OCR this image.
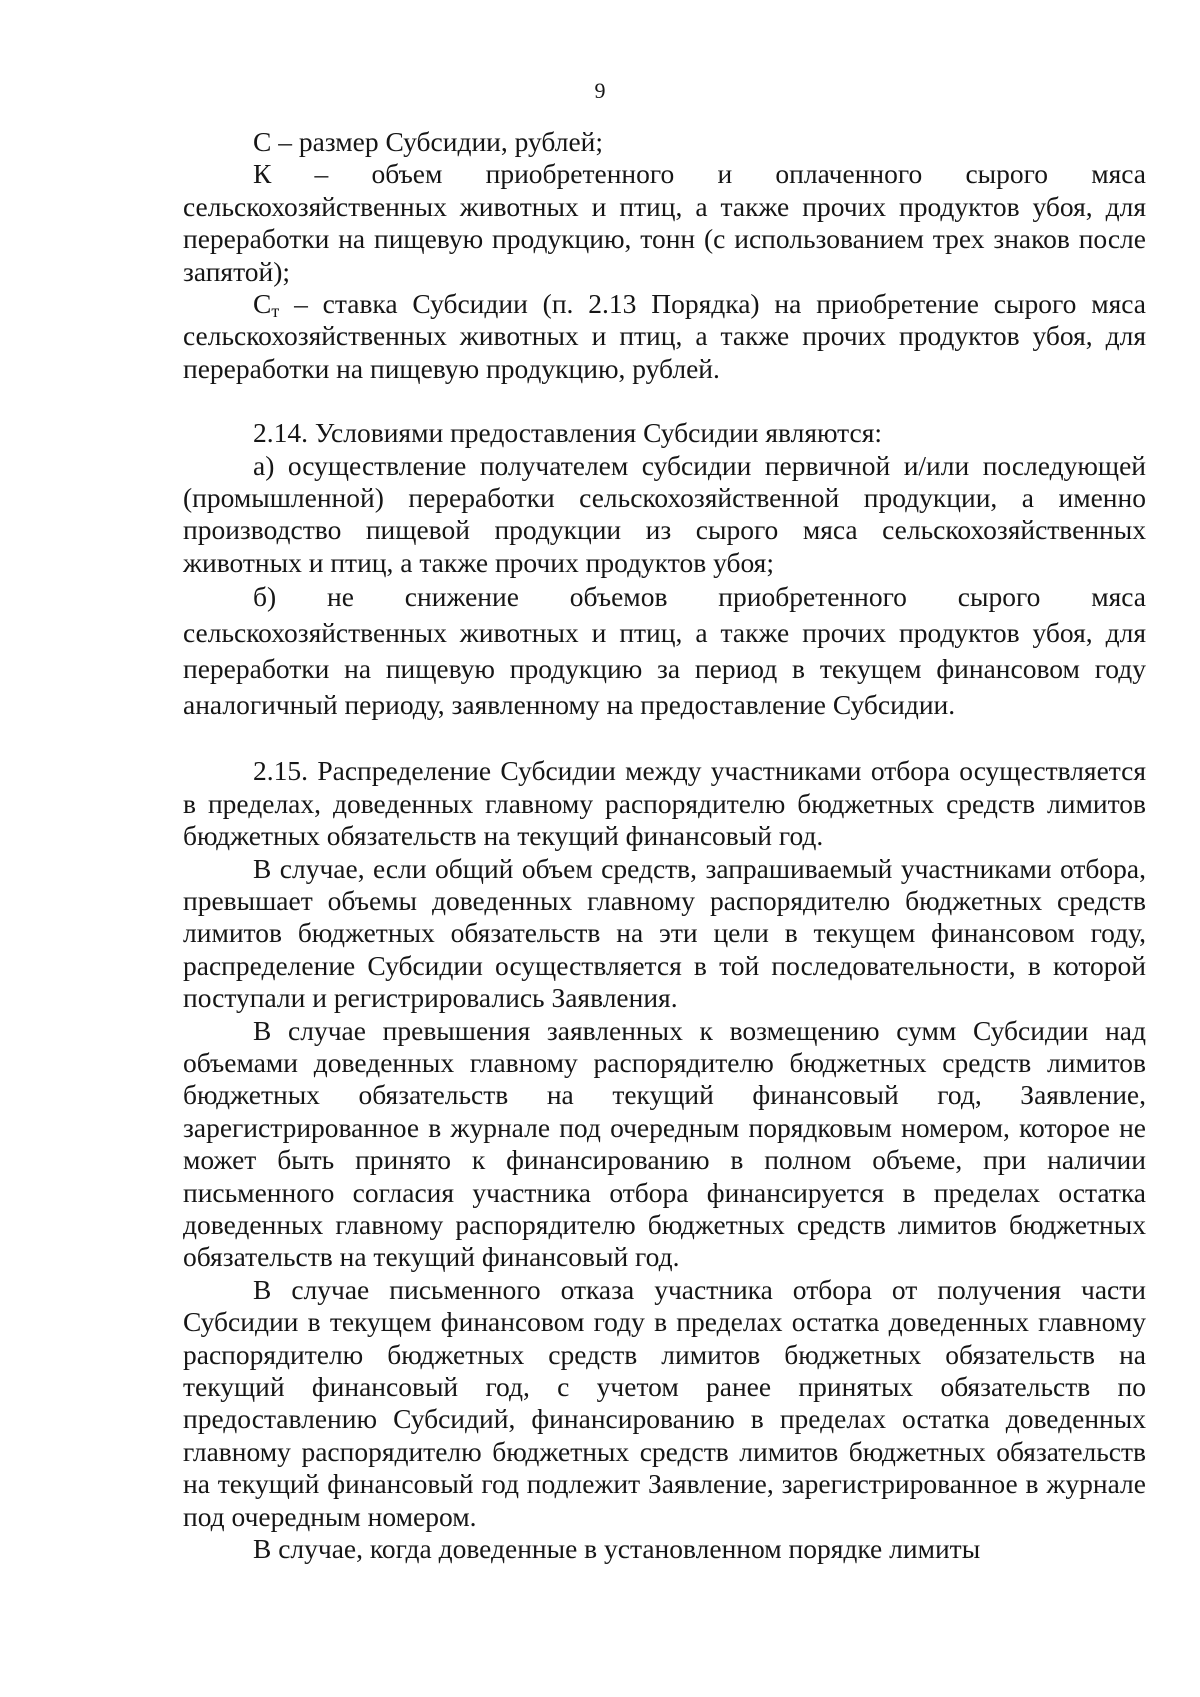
9

С – размер Субсидии, рублей;

К – объем приобретенного и оплаченного сырого мяса сельскохозяйственных животных и птиц, а также прочих продуктов убоя, для переработки на пищевую продукцию, тонн (с использованием трех знаков после запятой);

$С_т$ – ставка Субсидии (п. 2.13 Порядка) на приобретение сырого мяса сельскохозяйственных животных и птиц, а также прочих продуктов убоя, для переработки на пищевую продукцию, рублей.

2.14. Условиями предоставления Субсидии являются:

а) осуществление получателем субсидии первичной и/или последующей (промышленной) переработки сельскохозяйственной продукции, а именно производство пищевой продукции из сырого мяса сельскохозяйственных животных и птиц, а также прочих продуктов убоя;

б) не снижение объемов приобретенного сырого мяса сельскохозяйственных животных и птиц, а также прочих продуктов убоя, для переработки на пищевую продукцию за период в текущем финансовом году аналогичный периоду, заявленному на предоставление Субсидии.

2.15. Распределение Субсидии между участниками отбора осуществляется в пределах, доведенных главному распорядителю бюджетных средств лимитов бюджетных обязательств на текущий финансовый год.

В случае, если общий объем средств, запрашиваемый участниками отбора, превышает объемы доведенных главному распорядителю бюджетных средств лимитов бюджетных обязательств на эти цели в текущем финансовом году, распределение Субсидии осуществляется в той последовательности, в которой поступали и регистрировались Заявления.

В случае превышения заявленных к возмещению сумм Субсидии над объемами доведенных главному распорядителю бюджетных средств лимитов бюджетных обязательств на текущий финансовый год, Заявление, зарегистрированное в журнале под очередным порядковым номером, которое не может быть принято к финансированию в полном объеме, при наличии письменного согласия участника отбора финансируется в пределах остатка доведенных главному распорядителю бюджетных средств лимитов бюджетных обязательств на текущий финансовый год.

В случае письменного отказа участника отбора от получения части Субсидии в текущем финансовом году в пределах остатка доведенных главному распорядителю бюджетных средств лимитов бюджетных обязательств на текущий финансовый год, с учетом ранее принятых обязательств по предоставлению Субсидий, финансированию в пределах остатка доведенных главному распорядителю бюджетных средств лимитов бюджетных обязательств на текущий финансовый год подлежит Заявление, зарегистрированное в журнале под очередным номером.

В случае, когда доведенные в установленном порядке лимиты
